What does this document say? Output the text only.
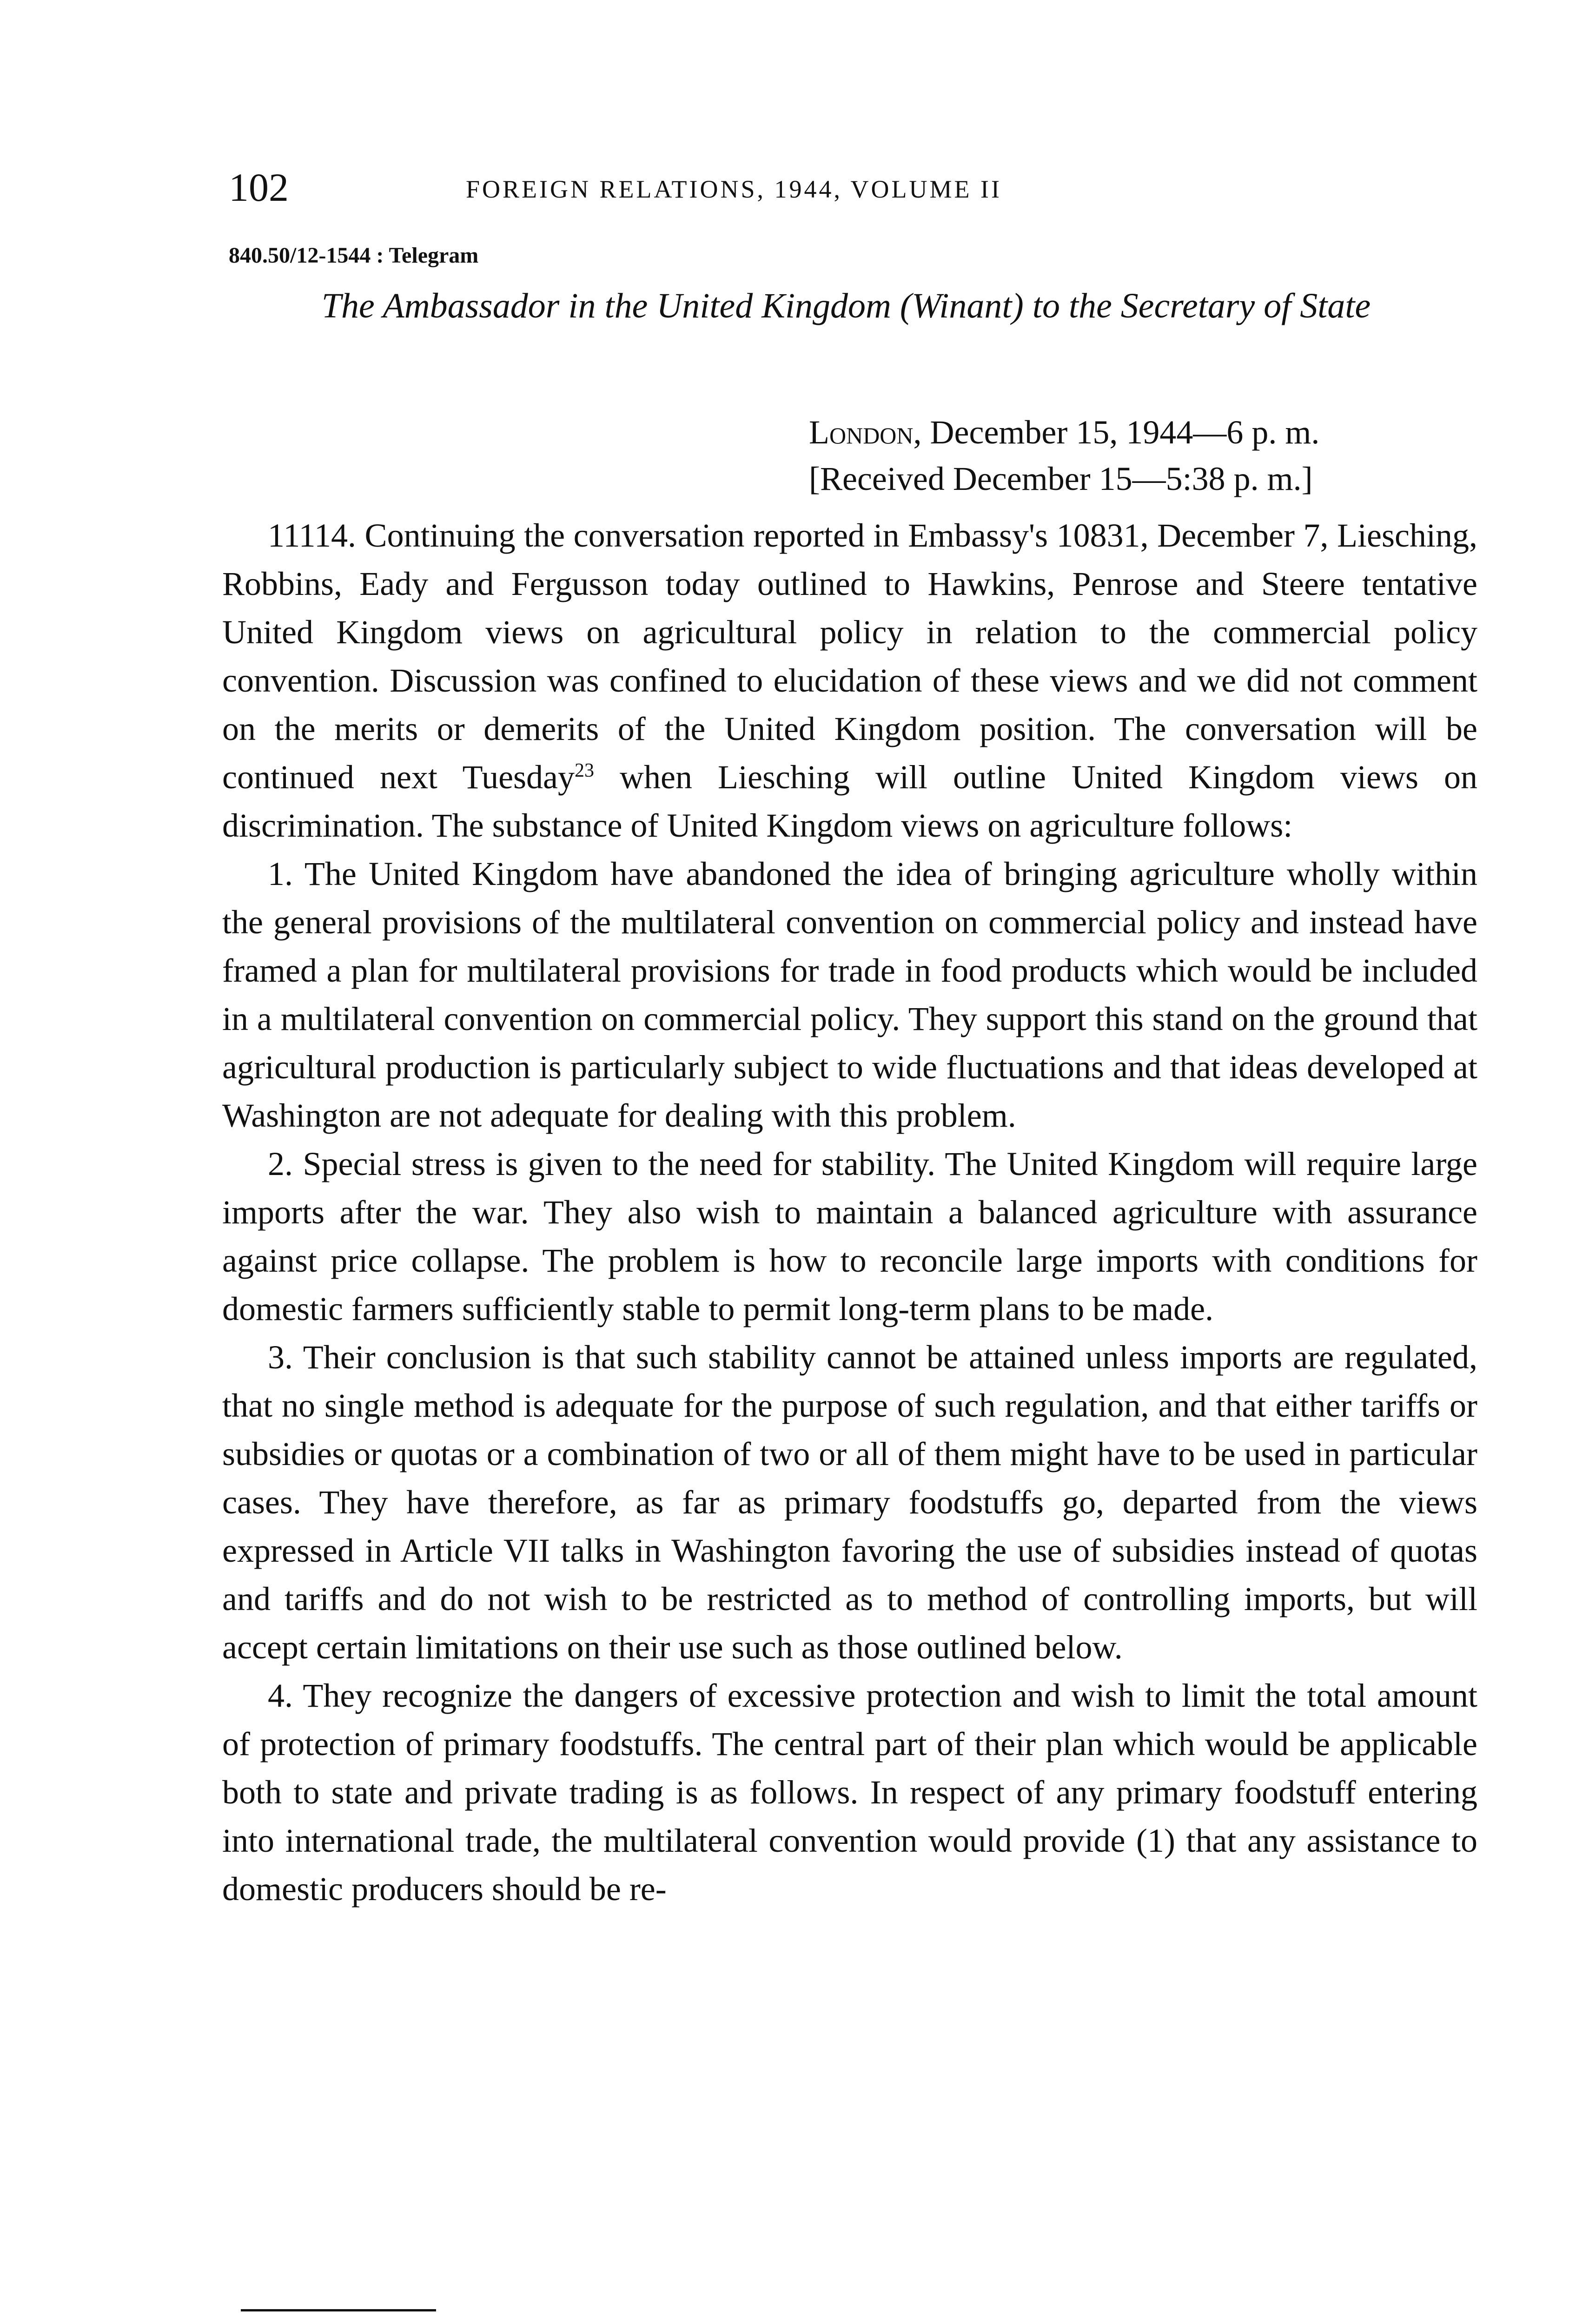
102	FOREIGN RELATIONS, 1944, VOLUME II
840.50/12-1544 : Telegram
The Ambassador in the United Kingdom (Winant) to the Secretary of State
London, December 15, 1944—6 p. m.
[Received December 15—5:38 p. m.]

11114. Continuing the conversation reported in Embassy's 10831, December 7, Liesching, Robbins, Eady and Fergusson today outlined to Hawkins, Penrose and Steere tentative United Kingdom views on agricultural policy in relation to the commercial policy convention. Discussion was confined to elucidation of these views and we did not comment on the merits or demerits of the United Kingdom position. The conversation will be continued next Tuesday$^{23}$ when Liesching will outline United Kingdom views on discrimination. The substance of United Kingdom views on agriculture follows:

1. The United Kingdom have abandoned the idea of bringing agriculture wholly within the general provisions of the multilateral convention on commercial policy and instead have framed a plan for multilateral provisions for trade in food products which would be included in a multilateral convention on commercial policy. They support this stand on the ground that agricultural production is particularly subject to wide fluctuations and that ideas developed at Washington are not adequate for dealing with this problem.

2. Special stress is given to the need for stability. The United Kingdom will require large imports after the war. They also wish to maintain a balanced agriculture with assurance against price collapse. The problem is how to reconcile large imports with conditions for domestic farmers sufficiently stable to permit long-term plans to be made.

3. Their conclusion is that such stability cannot be attained unless imports are regulated, that no single method is adequate for the purpose of such regulation, and that either tariffs or subsidies or quotas or a combination of two or all of them might have to be used in particular cases. They have therefore, as far as primary foodstuffs go, departed from the views expressed in Article VII talks in Washington favoring the use of subsidies instead of quotas and tariffs and do not wish to be restricted as to method of controlling imports, but will accept certain limitations on their use such as those outlined below.

4. They recognize the dangers of excessive protection and wish to limit the total amount of protection of primary foodstuffs. The central part of their plan which would be applicable both to state and private trading is as follows. In respect of any primary foodstuff entering into international trade, the multilateral convention would provide (1) that any assistance to domestic producers should be re-
